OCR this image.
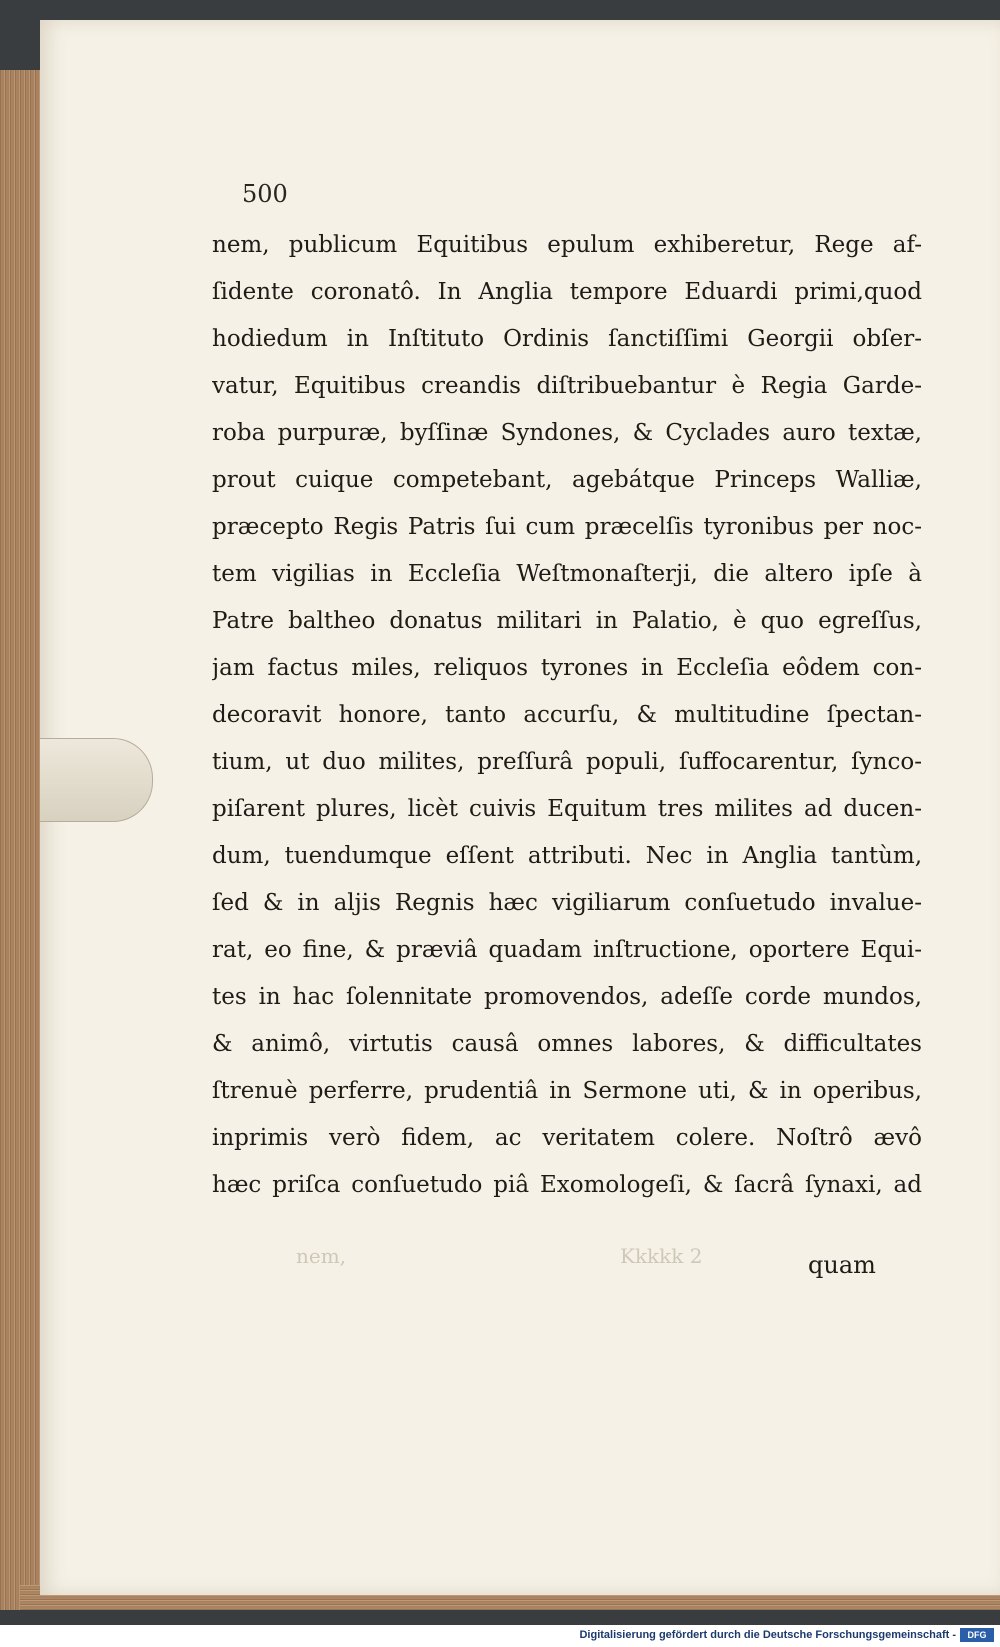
500
nem, publicum Equitibus epulum exhiberetur, Rege af-
ſidente coronatô. In Anglia tempore Eduardi primi,quod
hodiedum in Inſtituto Ordinis ſanctiſſimi Georgii obſer-
vatur, Equitibus creandis diſtribuebantur è Regia Garde-
roba purpuræ, byſſinæ Syndones, & Cyclades auro textæ,
prout cuique competebant, agebátque Princeps Walliæ,
præcepto Regis Patris ſui cum præcelſis tyronibus per noc-
tem vigilias in Eccleſia Weſtmonaſterji, die altero ipſe à
Patre baltheo donatus militari in Palatio, è quo egreſſus,
jam factus miles, reliquos tyrones in Eccleſia eôdem con-
decoravit honore, tanto accurſu, & multitudine ſpectan-
tium, ut duo milites, preſſurâ populi, ſuffocarentur, ſynco-
piſarent plures, licèt cuivis Equitum tres milites ad ducen-
dum, tuendumque eſſent attributi. Nec in Anglia tantùm,
ſed & in aljis Regnis hæc vigiliarum conſuetudo invalue-
rat, eo fine, & præviâ quadam inſtructione, oportere Equi-
tes in hac ſolennitate promovendos, adeſſe corde mundos,
& animô, virtutis causâ omnes labores, & difficultates
ſtrenuè perferre, prudentiâ in Sermone uti, & in operibus,
inprimis verò fidem, ac veritatem colere. Noſtrô ævô
hæc priſca conſuetudo piâ Exomologeſi, & ſacrâ ſynaxi, ad
nem,	Kkkkk 2	quam
Digitalisierung gefördert durch die Deutsche Forschungsgemeinschaft -	DFG
